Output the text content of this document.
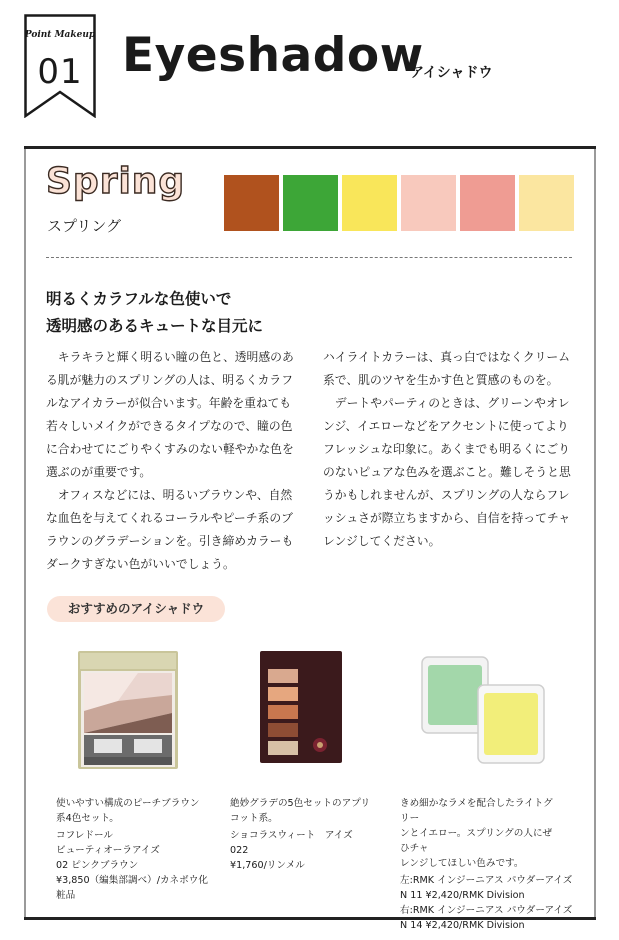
Point Makeup
01 Eyeshadow
アイシャドウ
Spring
スプリング
明るくカラフルな色使いで
透明感のあるキュートな目元に

キラキラと輝く明るい瞳の色と、透明感のある肌が魅力のスプリングの人は、明るくカラフルなアイカラーが似合います。年齢を重ねても若々しいメイクができるタイプなので、瞳の色に合わせてにごりやくすみのない軽やかな色を選ぶのが重要です。

オフィスなどには、明るいブラウンや、自然な血色を与えてくれるコーラルやピーチ系のブラウンのグラデーションを。引き締めカラーもダークすぎない色がいいでしょう。

ハイライトカラーは、真っ白ではなくクリーム系で、肌のツヤを生かす色と質感のものを。

デートやパーティのときは、グリーンやオレンジ、イエローなどをアクセントに使ってよりフレッシュな印象に。あくまでも明るくにごりのないピュアな色みを選ぶこと。難しそうと思うかもしれませんが、スプリングの人ならフレッシュさが際立ちますから、自信を持ってチャレンジしてください。

おすすめのアイシャドウ
使いやすい構成のピーチブラウン
系4色セット。
コフレドール
ビューティオーラアイズ
02 ピンクブラウン
¥3,850（編集部調べ）/カネボウ化
粧品
絶妙グラデの5色セットのアプリ
コット系。
ショコラスウィート　アイズ
022
¥1,760/リンメル
きめ細かなラメを配合したライトグリー
ンとイエロー。スプリングの人にぜひチャ
レンジしてほしい色みです。
左:RMK インジーニアス パウダーアイズ
N 11 ¥2,420/RMK Division
右:RMK インジーニアス パウダーアイズ
N 14 ¥2,420/RMK Division
